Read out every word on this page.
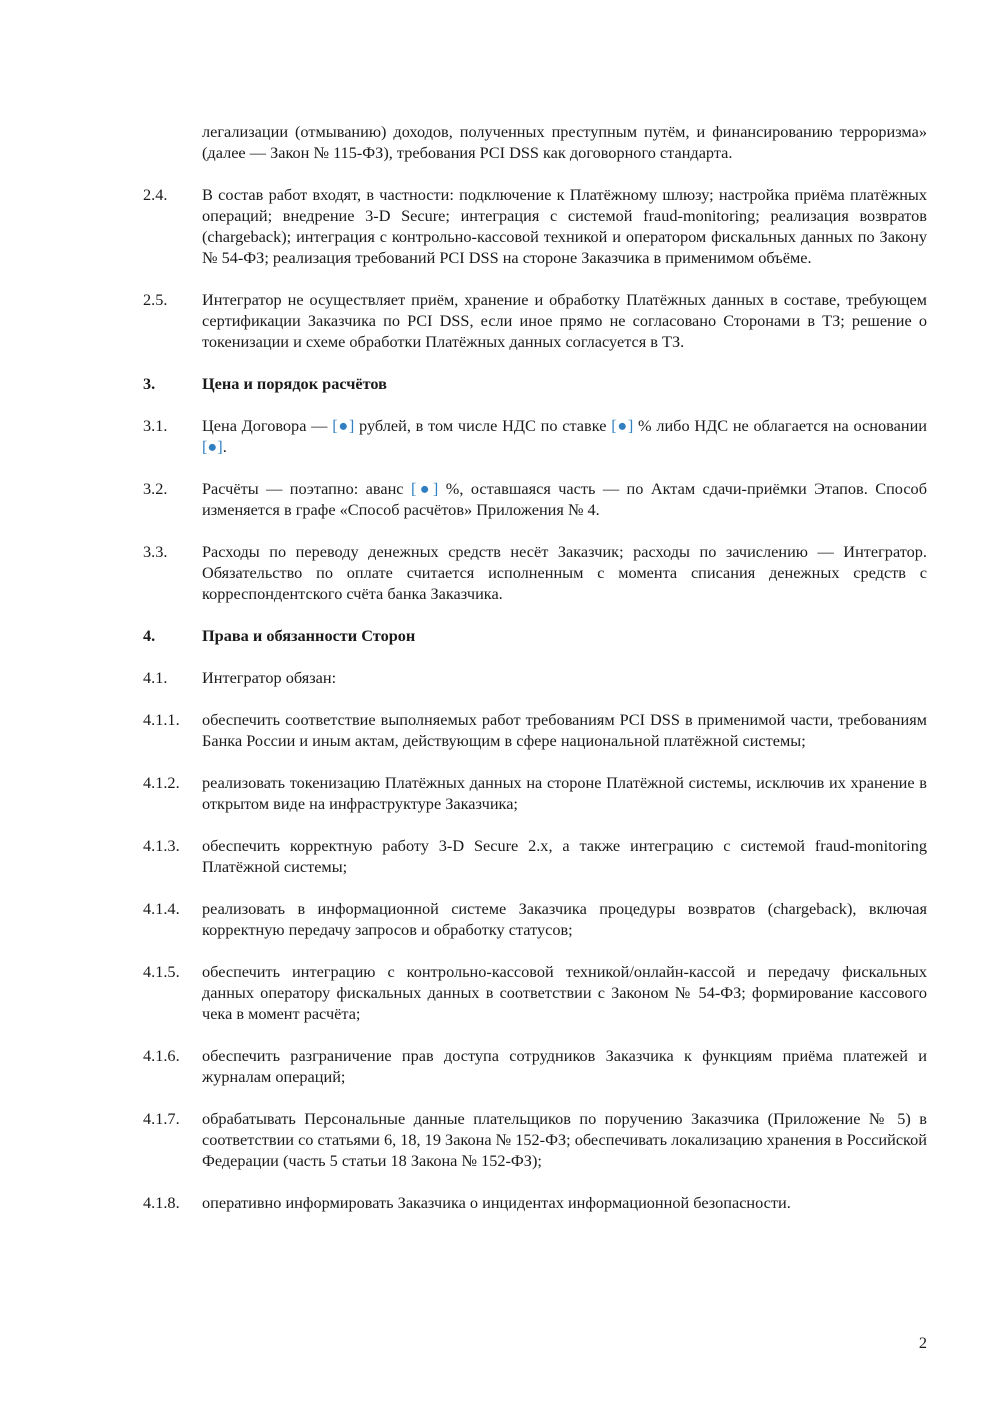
легализации (отмыванию) доходов, полученных преступным путём, и финансированию терроризма» (далее — Закон № 115-ФЗ), требования PCI DSS как договорного стандарта.
2.4.	В состав работ входят, в частности: подключение к Платёжному шлюзу; настройка приёма платёжных операций; внедрение 3-D Secure; интеграция с системой fraud-monitoring; реализация возвратов (chargeback); интеграция с контрольно-кассовой техникой и оператором фискальных данных по Закону № 54-ФЗ; реализация требований PCI DSS на стороне Заказчика в применимом объёме.
2.5.	Интегратор не осуществляет приём, хранение и обработку Платёжных данных в составе, требующем сертификации Заказчика по PCI DSS, если иное прямо не согласовано Сторонами в ТЗ; решение о токенизации и схеме обработки Платёжных данных согласуется в ТЗ.
3.	Цена и порядок расчётов
3.1.	Цена Договора — [●] рублей, в том числе НДС по ставке [●] % либо НДС не облагается на основании [●].
3.2.	Расчёты — поэтапно: аванс [●] %, оставшаяся часть — по Актам сдачи-приёмки Этапов. Способ изменяется в графе «Способ расчётов» Приложения № 4.
3.3.	Расходы по переводу денежных средств несёт Заказчик; расходы по зачислению — Интегратор. Обязательство по оплате считается исполненным с момента списания денежных средств с корреспондентского счёта банка Заказчика.
4.	Права и обязанности Сторон
4.1.	Интегратор обязан:
4.1.1.	обеспечить соответствие выполняемых работ требованиям PCI DSS в применимой части, требованиям Банка России и иным актам, действующим в сфере национальной платёжной системы;
4.1.2.	реализовать токенизацию Платёжных данных на стороне Платёжной системы, исключив их хранение в открытом виде на инфраструктуре Заказчика;
4.1.3.	обеспечить корректную работу 3-D Secure 2.x, а также интеграцию с системой fraud-monitoring Платёжной системы;
4.1.4.	реализовать в информационной системе Заказчика процедуры возвратов (chargeback), включая корректную передачу запросов и обработку статусов;
4.1.5.	обеспечить интеграцию с контрольно-кассовой техникой/онлайн-кассой и передачу фискальных данных оператору фискальных данных в соответствии с Законом № 54-ФЗ; формирование кассового чека в момент расчёта;
4.1.6.	обеспечить разграничение прав доступа сотрудников Заказчика к функциям приёма платежей и журналам операций;
4.1.7.	обрабатывать Персональные данные плательщиков по поручению Заказчика (Приложение № 5) в соответствии со статьями 6, 18, 19 Закона № 152-ФЗ; обеспечивать локализацию хранения в Российской Федерации (часть 5 статьи 18 Закона № 152-ФЗ);
4.1.8.	оперативно информировать Заказчика о инцидентах информационной безопасности.
2
